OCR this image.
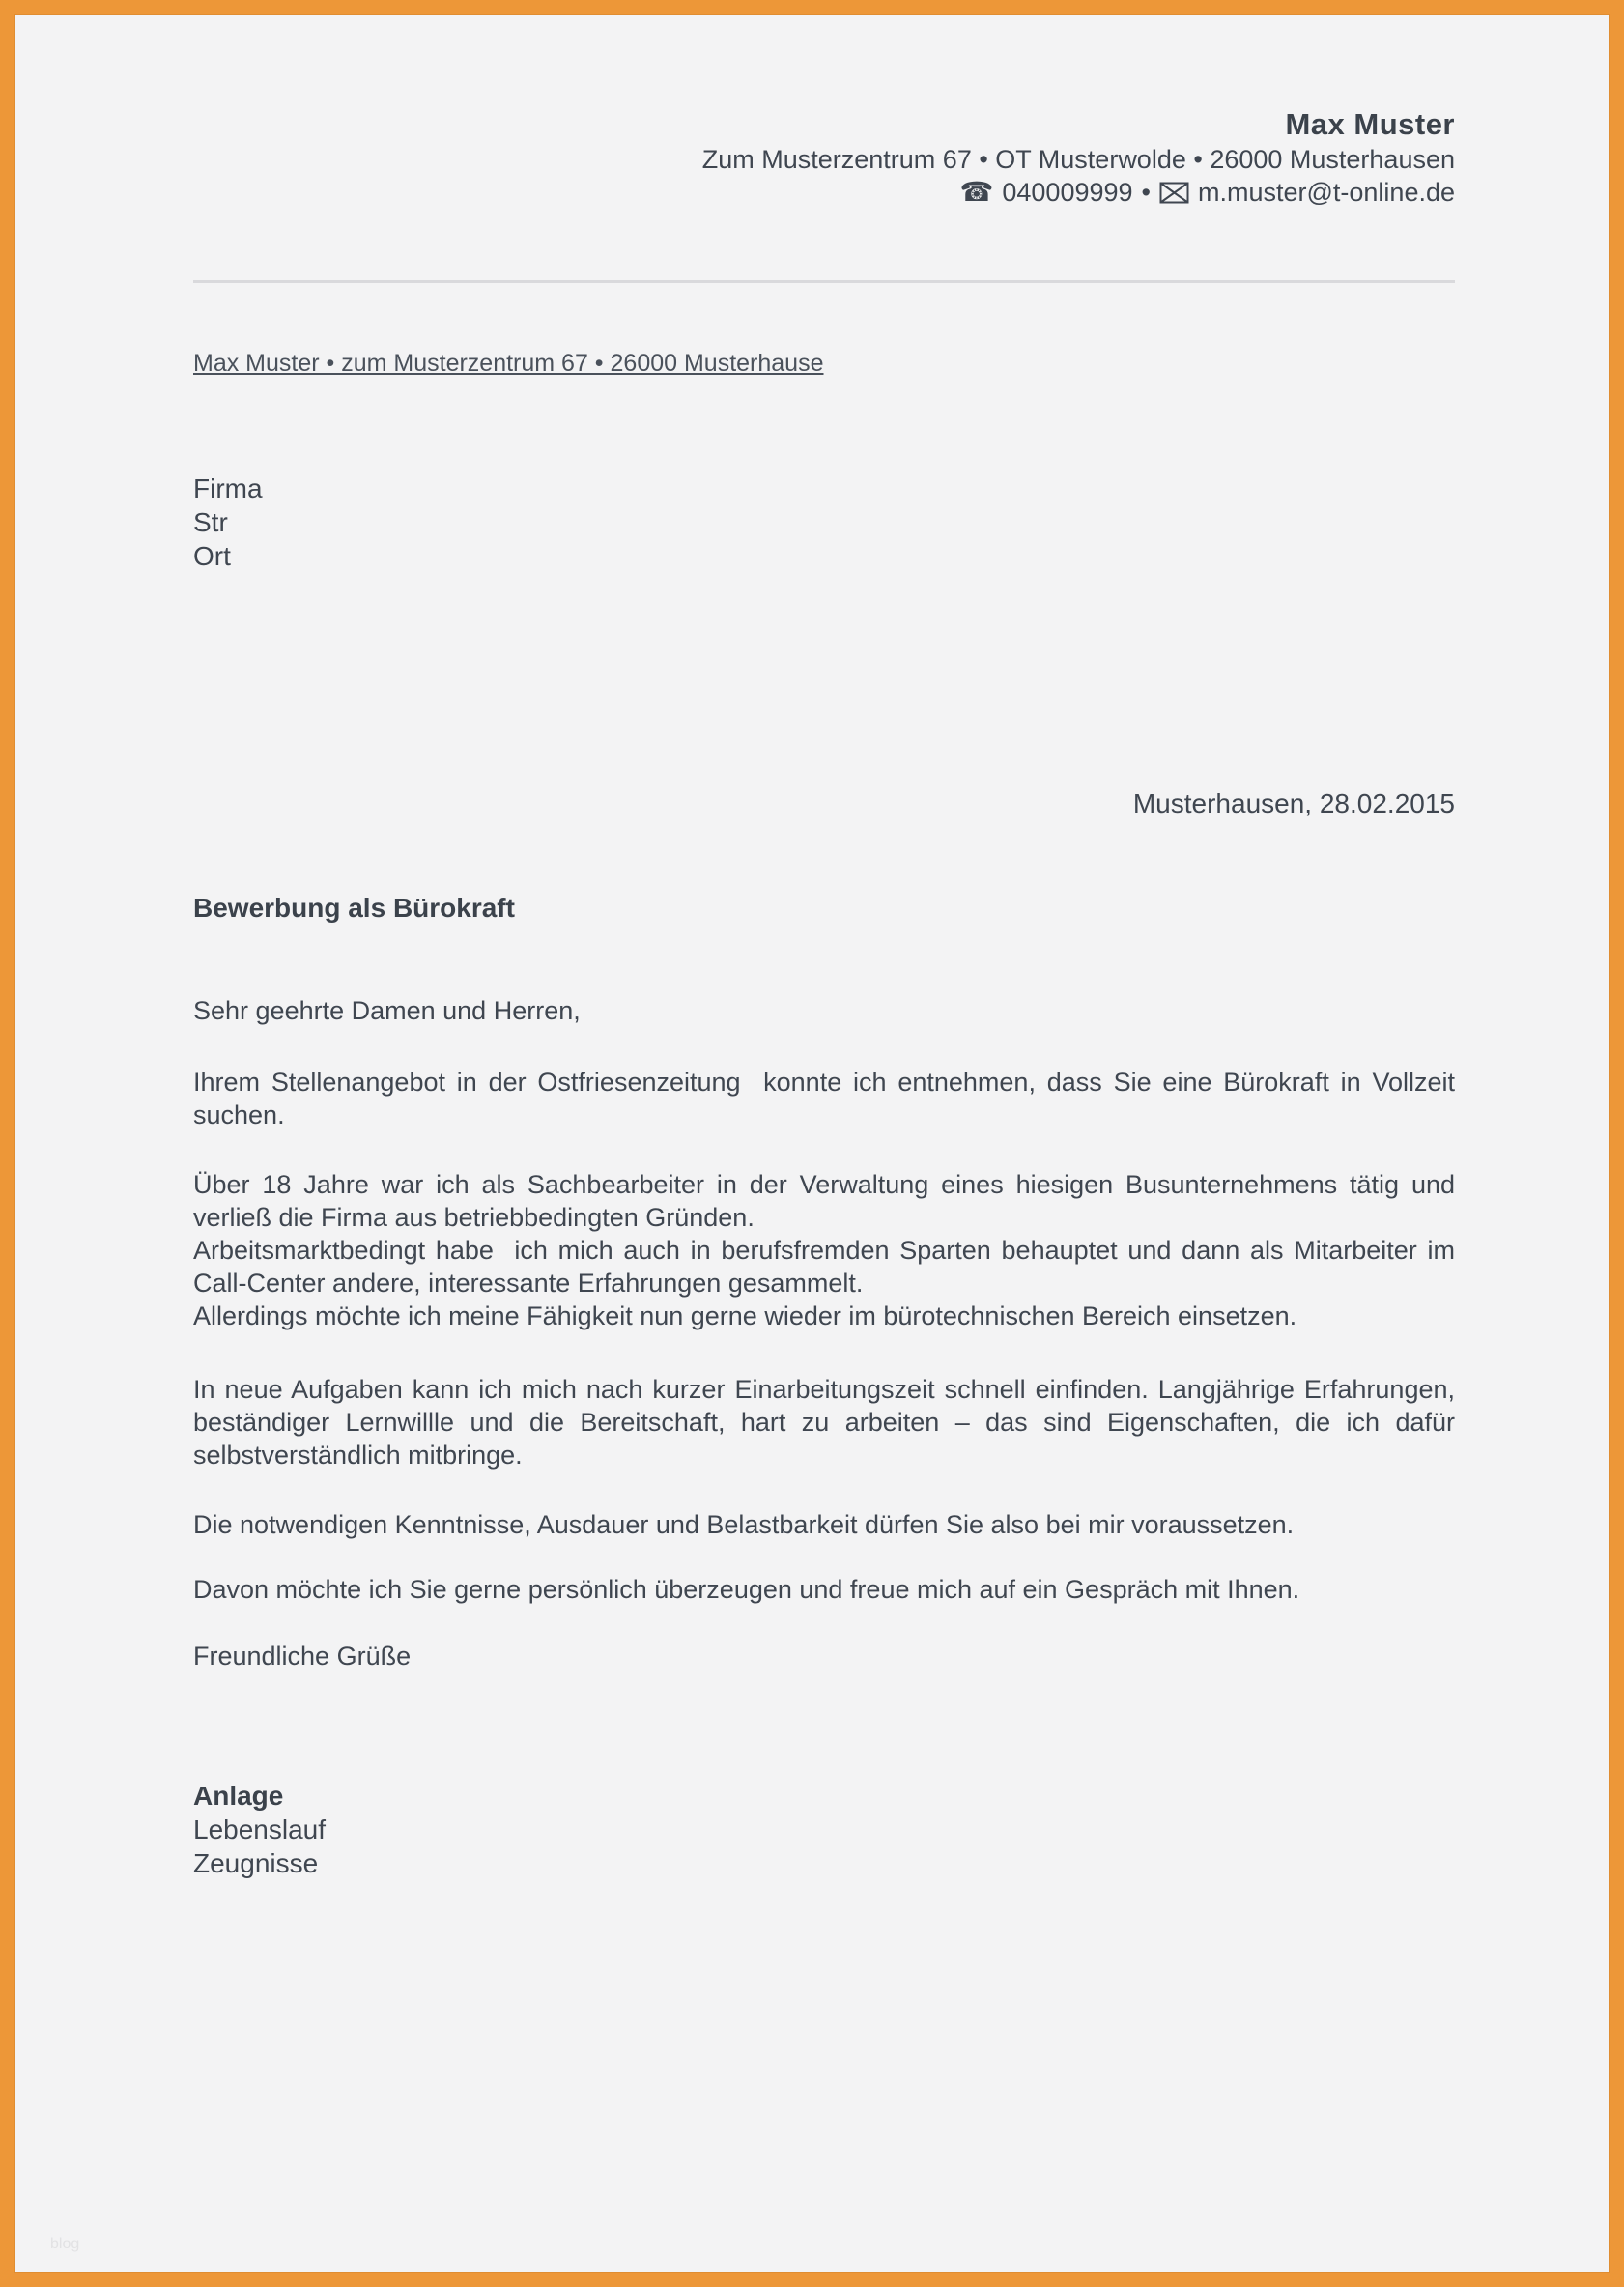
Max Muster
Zum Musterzentrum 67 • OT Musterwolde • 26000 Musterhausen
☎ 040009999 • m.muster@t-online.de
Max Muster • zum Musterzentrum 67 • 26000 Musterhause
Firma
Str
Ort
Musterhausen, 28.02.2015
Bewerbung als Bürokraft
Sehr geehrte Damen und Herren,
Ihrem Stellenangebot in der Ostfriesenzeitung  konnte ich entnehmen, dass Sie eine Bürokraft in Vollzeit suchen.
Über 18 Jahre war ich als Sachbearbeiter in der Verwaltung eines hiesigen Busunternehmens tätig und verließ die Firma aus betriebbedingten Gründen.
Arbeitsmarktbedingt habe  ich mich auch in berufsfremden Sparten behauptet und dann als Mitarbeiter im Call-Center andere, interessante Erfahrungen gesammelt.
Allerdings möchte ich meine Fähigkeit nun gerne wieder im bürotechnischen Bereich einsetzen.
In neue Aufgaben kann ich mich nach kurzer Einarbeitungszeit schnell einfinden. Langjährige Erfahrungen, beständiger Lernwillle und die Bereitschaft, hart zu arbeiten – das sind Eigenschaften, die ich dafür selbstverständlich mitbringe.
Die notwendigen Kenntnisse, Ausdauer und Belastbarkeit dürfen Sie also bei mir voraussetzen.
Davon möchte ich Sie gerne persönlich überzeugen und freue mich auf ein Gespräch mit Ihnen.
Freundliche Grüße
Anlage
Lebenslauf
Zeugnisse
blog
